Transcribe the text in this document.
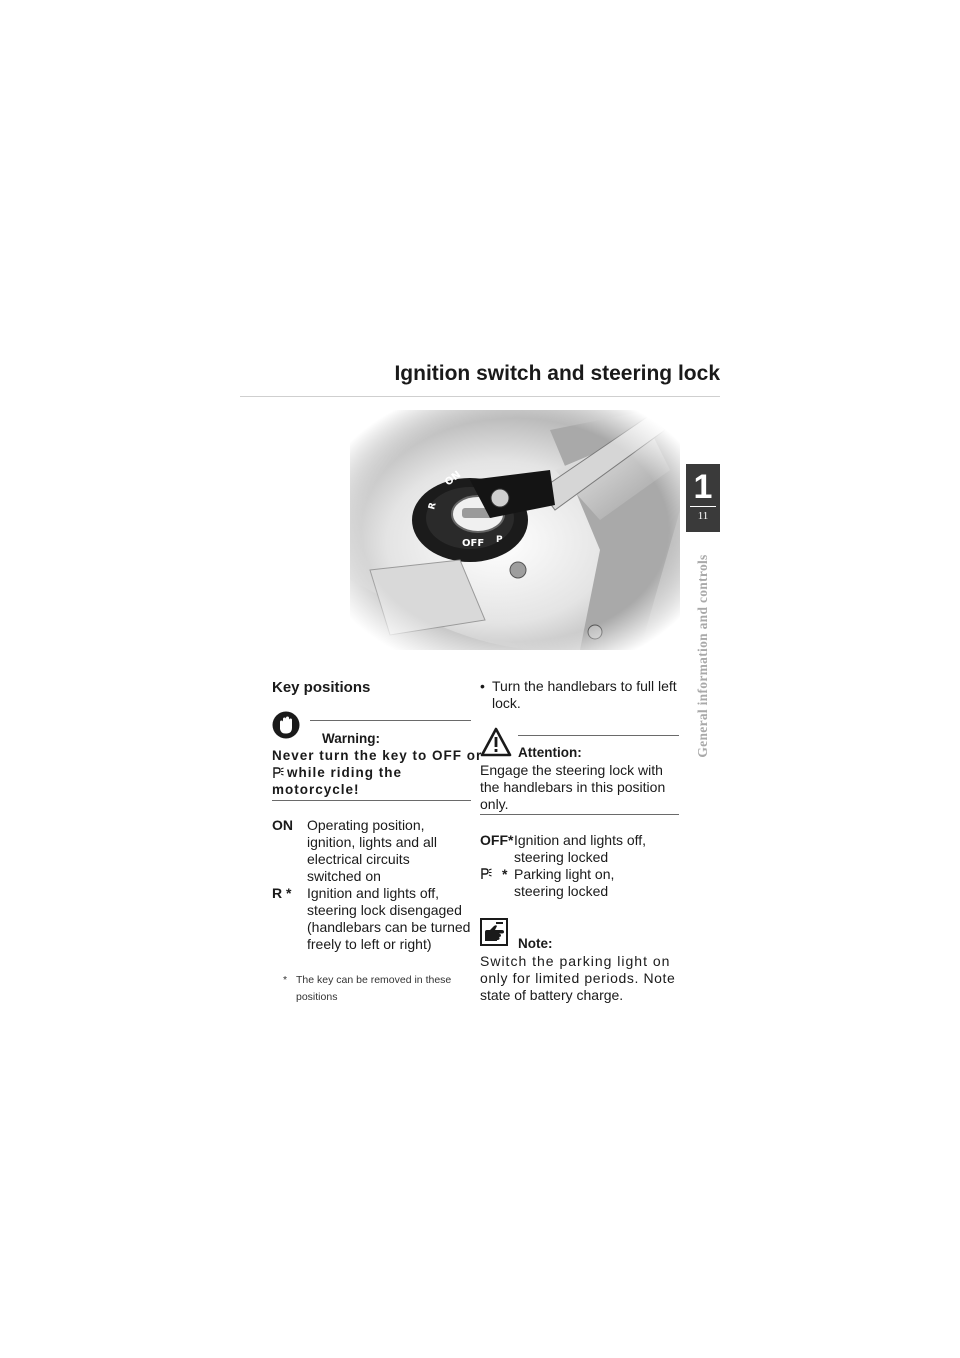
Ignition switch and steering lock
1
11
General information and controls
Key positions
Warning:
Never turn the key to OFF or
while riding the
motorcycle!
ON Operating position,
ignition, lights and all
electrical circuits
switched on
R * Ignition and lights off,
steering lock disengaged
(handlebars can be turned
freely to left or right)
* The key can be removed in these
positions
• Turn the handlebars to full left
lock.
Attention:
Engage the steering lock with
the handlebars in this position
only.
OFF* Ignition and lights off,
steering locked
* Parking light on,
steering locked
Note:
Switch the parking light on
only for limited periods. Note
state of battery charge.
